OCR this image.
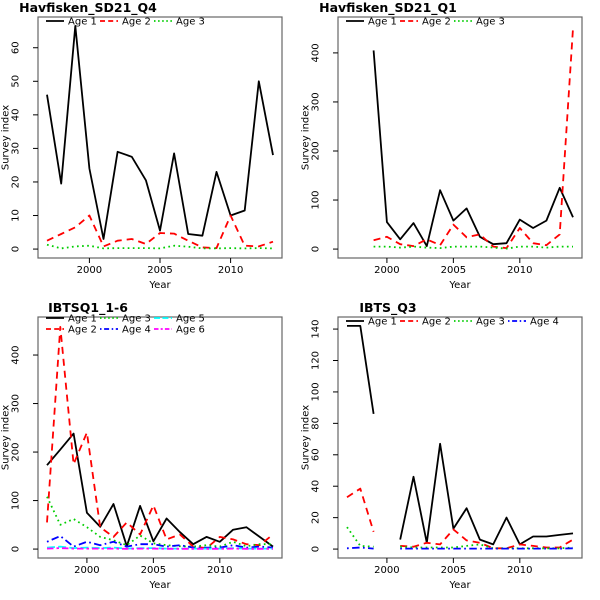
Havfisken_SD21_Q4
0
10
20
30
40
50
60
2000	2005	2010
Survey index
Year
Age 1	Age 2	Age 3
Havfisken_SD21_Q1
0
100
200
300
400
2000	2005	2010
Survey index
Year
Age 1	Age 2	Age 3
IBTSQ1_1-6
0
100
200
300
400
2000	2005	2010
Survey index
Year
Age 1
Age 2
Age 3
Age 4
Age 5
Age 6
IBTS_Q3
0
20
40
60
80
100
120
140
2000	2005	2010
Survey index
Year
Age 1	Age 2	Age 3	Age 4
